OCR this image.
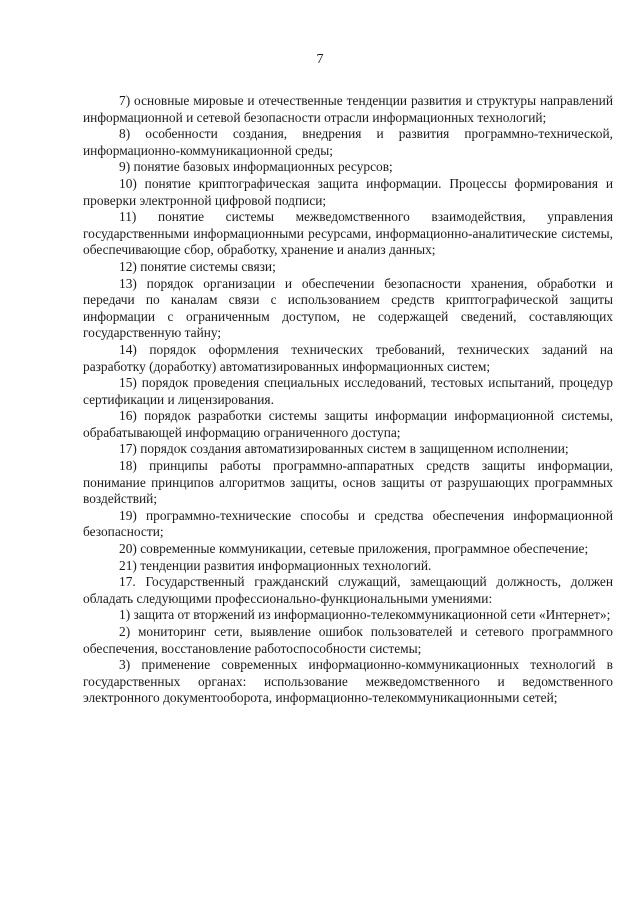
7

7) основные мировые и отечественные тенденции развития и структуры направлений информационной и сетевой безопасности отрасли информационных технологий;

8) особенности создания, внедрения и развития программно-технической, информационно-коммуникационной среды;

9) понятие базовых информационных ресурсов;

10) понятие криптографическая защита информации. Процессы формирования и проверки электронной цифровой подписи;

11) понятие системы межведомственного взаимодействия, управления государственными информационными ресурсами, информационно-аналитические системы, обеспечивающие сбор, обработку, хранение и анализ данных;

12) понятие системы связи;

13) порядок организации и обеспечении безопасности хранения, обработки и передачи по каналам связи с использованием средств криптографической защиты информации с ограниченным доступом, не содержащей сведений, составляющих государственную тайну;

14) порядок оформления технических требований, технических заданий на разработку (доработку) автоматизированных информационных систем;

15) порядок проведения специальных исследований, тестовых испытаний, процедур сертификации и лицензирования.

16) порядок разработки системы защиты информации информационной системы, обрабатывающей информацию ограниченного доступа;

17) порядок создания автоматизированных систем в защищенном исполнении;

18) принципы работы программно-аппаратных средств защиты информации, понимание принципов алгоритмов защиты, основ защиты от разрушающих программных воздействий;

19) программно-технические способы и средства обеспечения информационной безопасности;

20) современные коммуникации, сетевые приложения, программное обеспечение;

21) тенденции развития информационных технологий.

17. Государственный гражданский служащий, замещающий должность, должен обладать следующими профессионально-функциональными умениями:

1) защита от вторжений из информационно-телекоммуникационной сети «Интернет»;

2) мониторинг сети, выявление ошибок пользователей и сетевого программного обеспечения, восстановление работоспособности системы;

3) применение современных информационно-коммуникационных технологий в государственных органах: использование межведомственного и ведомственного электронного документооборота, информационно-телекоммуникационными сетей;
